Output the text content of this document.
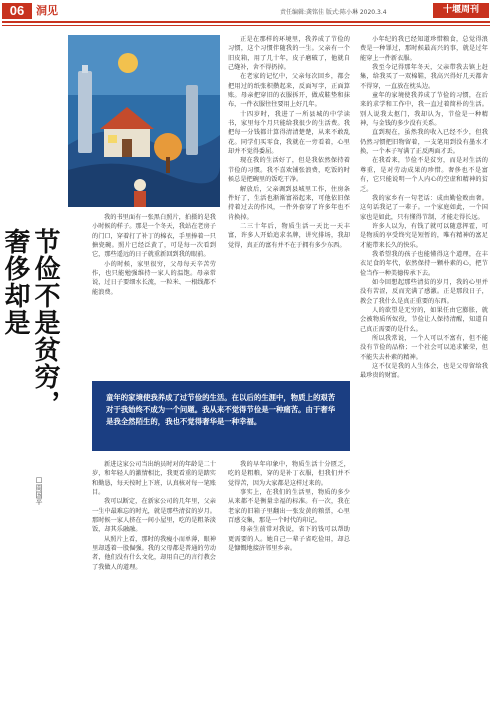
06	洞见	责任编辑:龚铭佳 版式:陈小琳 2020.3.4	十堰周刊
节俭不是贫穷，
奢侈却是
□周国平

我的书里面有一张黑白照片，拍摄的是我小时候的样子。那是一个冬天，我站在老房子的门口，穿着打了补丁的棉衣，手里捧着一只搪瓷碗。照片已经泛黄了，可是每一次看到它，那些遥远的日子就重新回到我的眼前。

小的时候，家里很穷，父母每天辛苦劳作，也只能勉强维持一家人的温饱。母亲常说，过日子要细水长流，一粒米、一根线都不能浪费。

正是在那样的环境里，我养成了节俭的习惯，这个习惯伴随我的一生。父亲有一个旧皮箱，用了几十年，皮子磨破了，他就自己缝补，舍不得扔掉。

在老家的记忆中，父亲每次回乡，都会把用过的纸张积攒起来，反面写字，正面算账。母亲把穿旧的衣服拆开，做成鞋垫和抹布，一件衣服往往要用上好几年。

十四岁时，我进了一所县城的中学读书，家里每个月只能给我很少的生活费。我把每一分钱都计算得清清楚楚，从来不敢乱花。同学们买零食，我就在一旁看着，心里却并不觉得委屈。

现在我的生活好了，但是我依然保持着节俭的习惯。我不喜欢铺张浪费，吃饭的时候总是把碗里的饭吃干净。

解放后，父亲调到县城里工作，住房条件好了，生活也渐渐富裕起来，可他依旧保持着过去的作风，一件外套穿了许多年也不肯换掉。

二三十年后，物质生活一天比一天丰富，许多人开始追求名牌，讲究排场，我却觉得，真正的富有并不在于拥有多少东西。

小年纪的我已经知道珍惜粮食，总觉得浪费是一种罪过，那时候最高兴的事，就是过年能穿上一件新衣服。

我至今记得那年冬天，父亲带我去镇上赶集，给我买了一双棉鞋，我高兴得好几天都舍不得穿，一直放在枕头边。

童年的家境使我养成了节俭的习惯，在后来的求学和工作中，我一直过着简朴的生活。别人说我太抠门，我却认为，节俭是一种精神，与金钱的多少没有关系。

直到现在，虽然我的收入已经不少，但我仍然习惯把旧物留着，一支笔用到没有墨水才换，一个本子写满了正反两面才丢。

在我看来，节俭不是贫穷，而是对生活的尊重，是对劳动成果的珍惜。奢侈也不是富有，它只能说明一个人内心的空虚和精神的贫乏。

我的家乡有一句老话：成由勤俭败由奢。这句话我记了一辈子。一个家庭如此，一个国家也是如此，只有懂得节制，才能走得长远。

许多人以为，有钱了就可以随意挥霍，可是物质的享受终究是短暂的，唯有精神的富足才能带来长久的快乐。

我希望我的孩子也能懂得这个道理，在丰衣足食的年代，依然保持一颗朴素的心，把节俭当作一种美德传承下去。

如今回想起那些清贫的岁月，我的心里并没有苦涩，反而充满了感激。正是那段日子，教会了我什么是真正重要的东西。

人的欲望是无穷的，如果任由它膨胀，就会被物质所奴役，节俭让人保持清醒，知道自己真正需要的是什么。

所以我常说，一个人可以不富有，但不能没有节俭的品格；一个社会可以追求繁荣，但不能失去朴素的精神。

这不仅是我的人生体会，也是父母留给我最珍贵的财富。

童年的家境使我养成了过节俭的生活。在以后的生涯中，物质上的艰苦对于我始终不成为一个问题。我从来不觉得节俭是一种痛苦。由于奢华是我全然陌生的，我也不觉得奢华是一种幸福。

新进这家公司当出纳员时对的年龄是二十岁，和年轻人的激情相比，我更看重的是踏实和勤恳，每天按时上下班，认真核对每一笔账目。

我可以断定，在新家公司的几年里，父亲一生中最难忘的时光，就是那些清贫的岁月。那时候一家人挤在一间小屋里，吃的是粗茶淡饭，却其乐融融。

从照片上看，那时的我瘦小而单薄，眼神里却透着一股倔强。我的父母都是普通的劳动者，他们没有什么文化，却用自己的言行教会了我做人的道理。

我的早年印象中，物质生活十分匮乏，吃的是粗粮，穿的是补丁衣服，但我们并不觉得苦，因为大家都是这样过来的。

事实上，在我们的生活里，物质的多少从来都不是衡量幸福的标准。有一次，我在老家的旧箱子里翻出一张发黄的粮票，心里百感交集，那是一个时代的印记。

母亲生前常对我说，省下的钱可以帮助更需要的人。她自己一辈子省吃俭用，却总是慷慨地接济邻里乡亲。
